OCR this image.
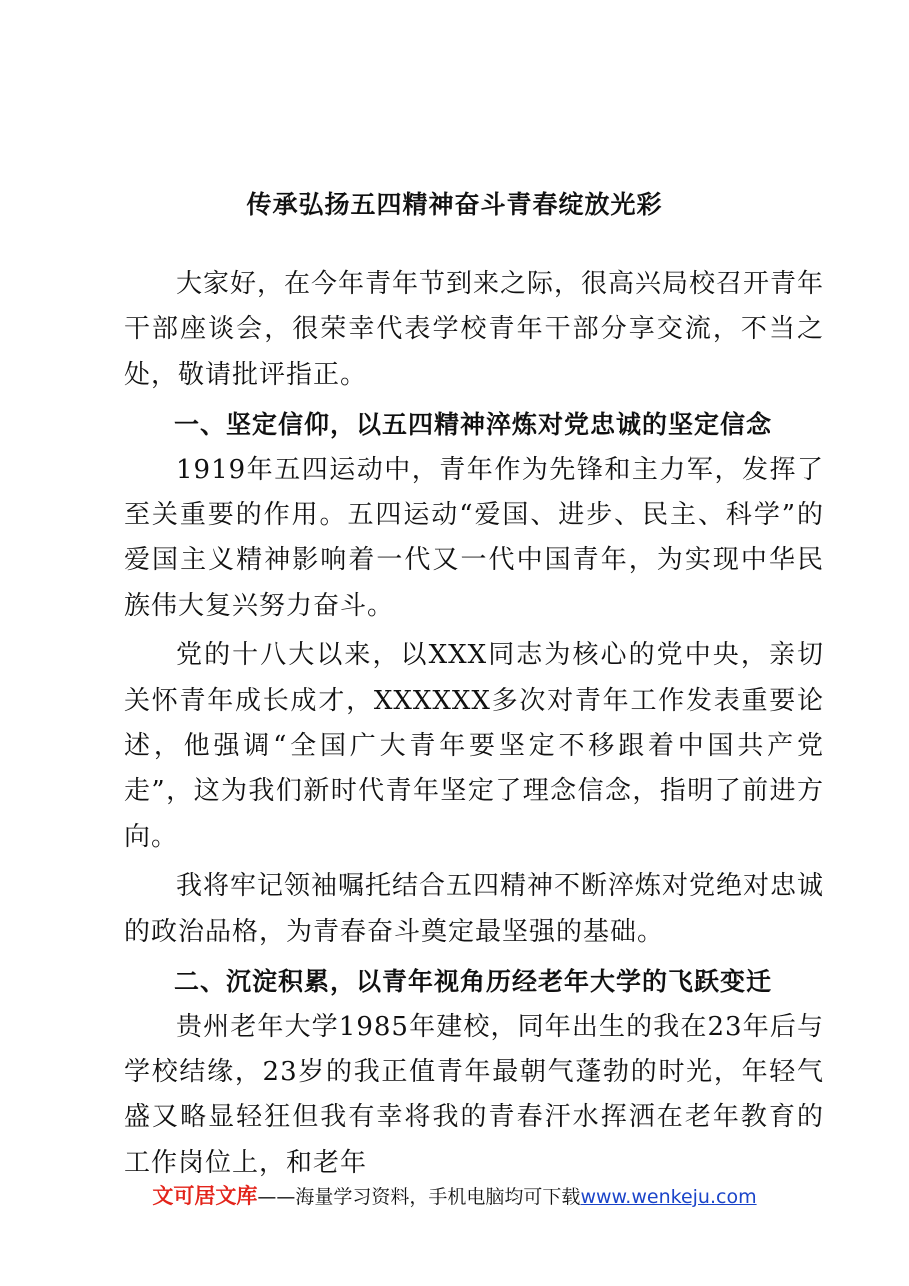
传承弘扬五四精神奋斗青春绽放光彩

大家好，在今年青年节到来之际，很高兴局校召开青年干部座谈会，很荣幸代表学校青年干部分享交流，不当之处，敬请批评指正。

一、坚定信仰，以五四精神淬炼对党忠诚的坚定信念

1919年五四运动中，青年作为先锋和主力军，发挥了至关重要的作用。五四运动“爱国、进步、民主、科学”的爱国主义精神影响着一代又一代中国青年，为实现中华民族伟大复兴努力奋斗。

党的十八大以来，以XXX同志为核心的党中央，亲切关怀青年成长成才，XXXXXX多次对青年工作发表重要论述，他强调“全国广大青年要坚定不移跟着中国共产党走”，这为我们新时代青年坚定了理念信念，指明了前进方向。

我将牢记领袖嘱托结合五四精神不断淬炼对党绝对忠诚的政治品格，为青春奋斗奠定最坚强的基础。

二、沉淀积累，以青年视角历经老年大学的飞跃变迁

贵州老年大学1985年建校，同年出生的我在23年后与学校结缘，23岁的我正值青年最朝气蓬勃的时光，年轻气盛又略显轻狂但我有幸将我的青春汗水挥洒在老年教育的工作岗位上，和老年

文可居文库——海量学习资料，手机电脑均可下载www.wenkeju.com
